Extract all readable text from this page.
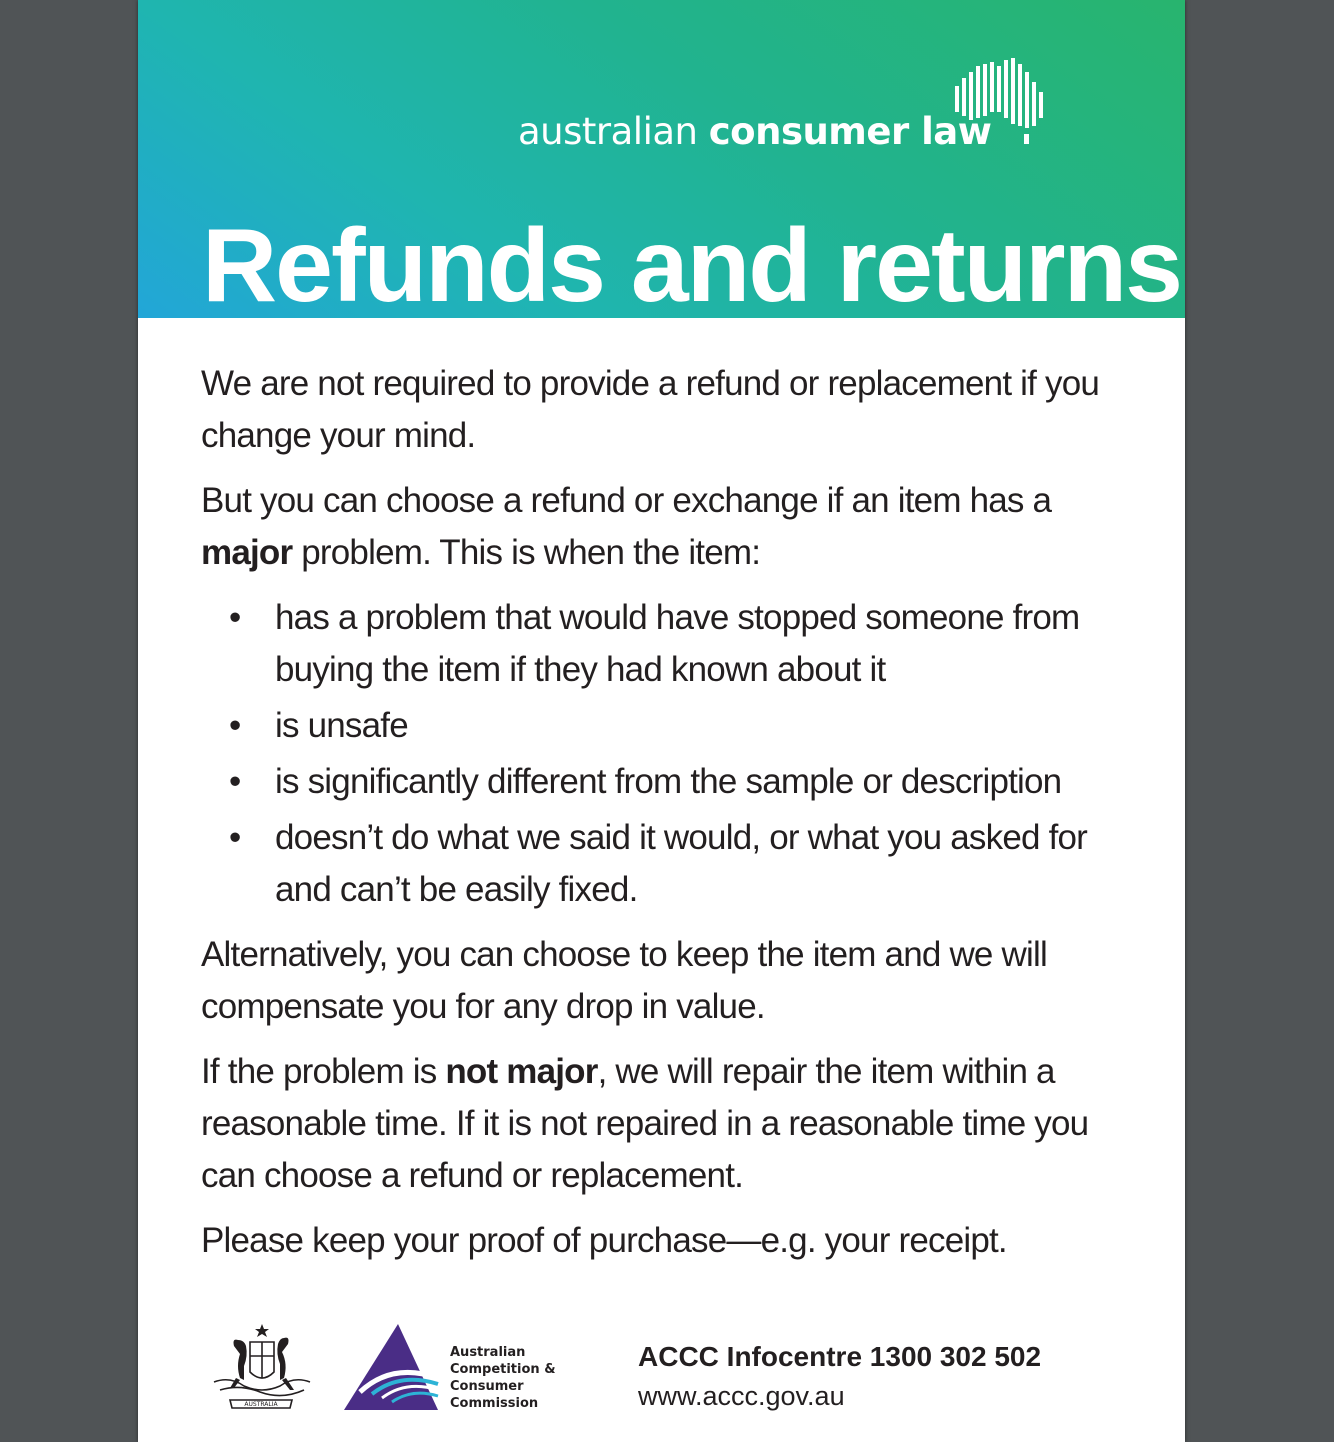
australian consumer law
Refunds and returns

We are not required to provide a refund or replacement if you change your mind.

But you can choose a refund or exchange if an item has a major problem. This is when the item:

• has a problem that would have stopped someone from buying the item if they had known about it
• is unsafe
• is significantly different from the sample or description
• doesn’t do what we said it would, or what you asked for and can’t be easily fixed.

Alternatively, you can choose to keep the item and we will compensate you for any drop in value.

If the problem is not major, we will repair the item within a reasonable time. If it is not repaired in a reasonable time you can choose a refund or replacement.

Please keep your proof of purchase—e.g. your receipt.

AUSTRALIA
Australian
Competition &
Consumer
Commission
ACCC Infocentre 1300 302 502
www.accc.gov.au
